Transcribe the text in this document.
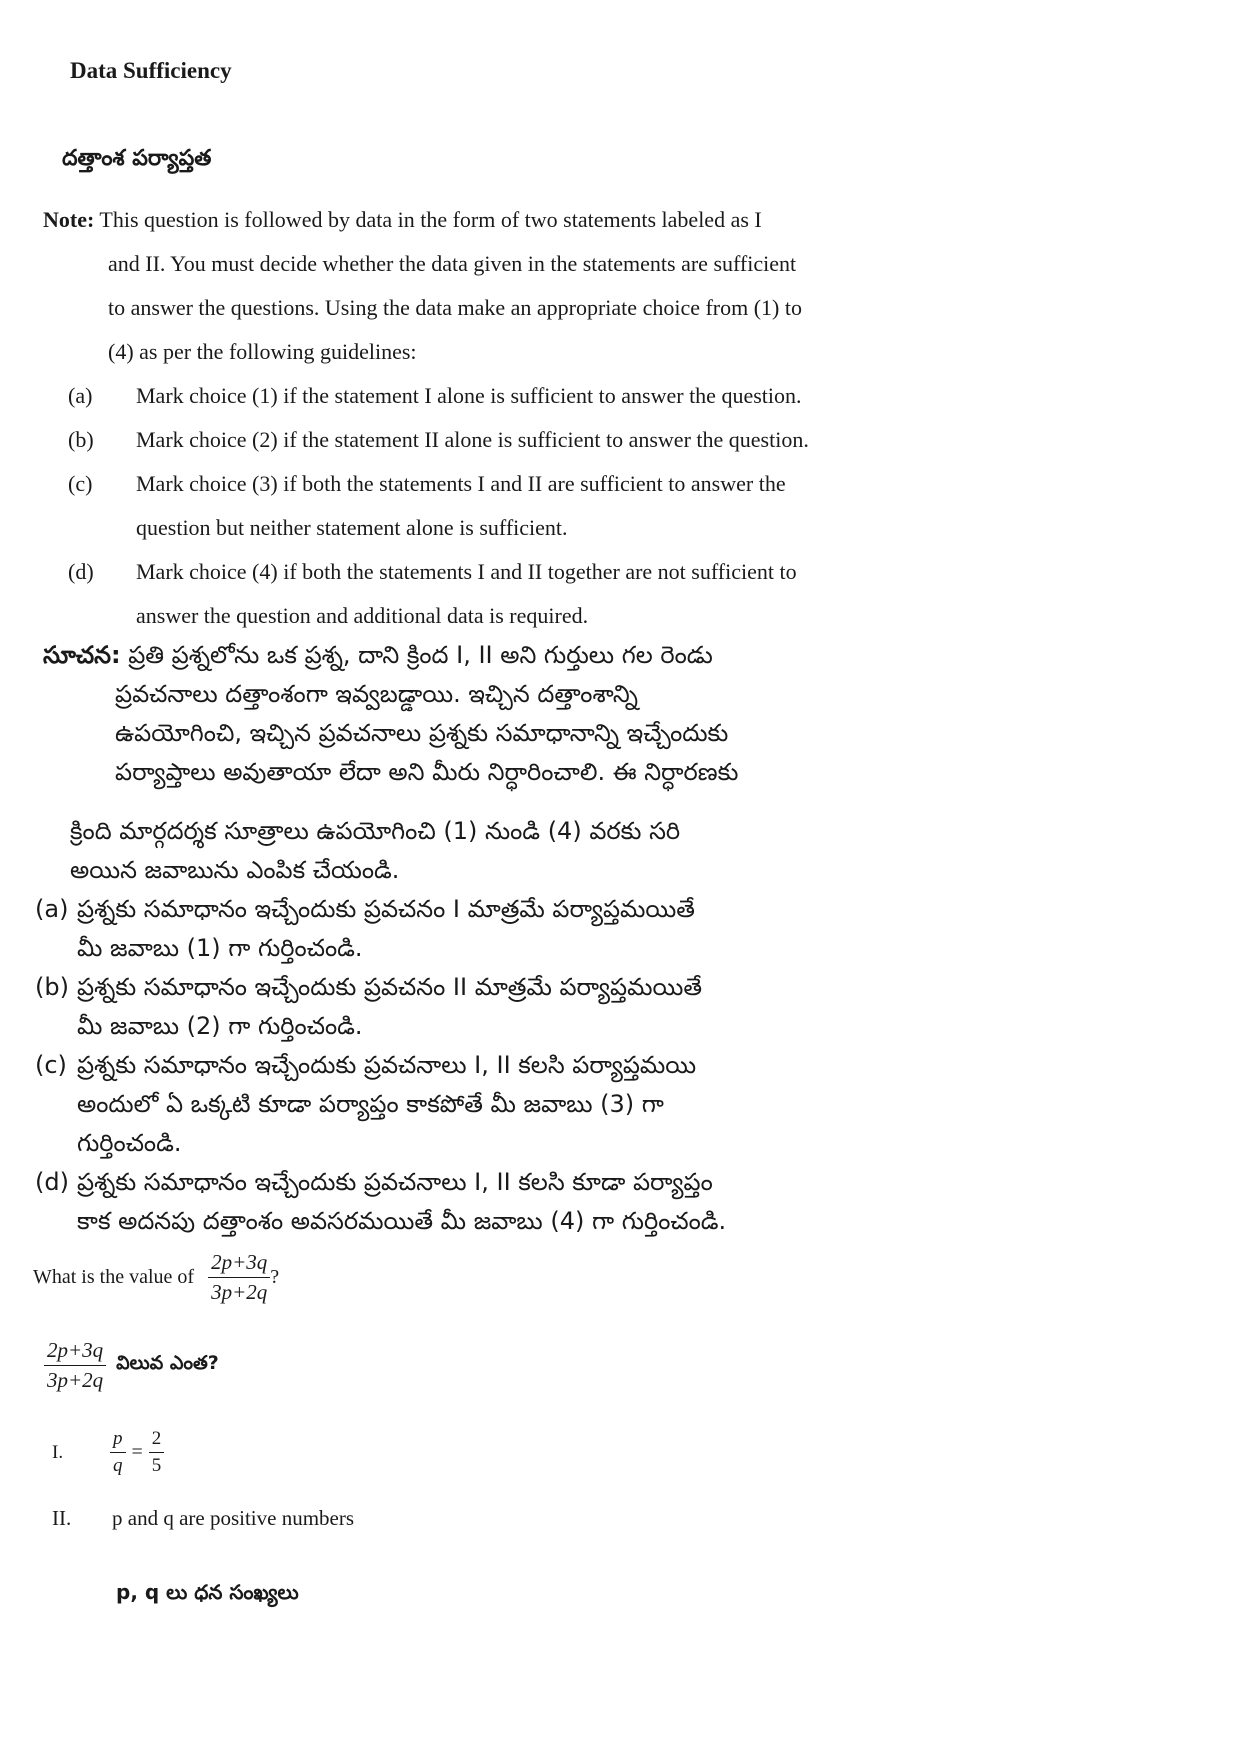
Data Sufficiency
దత్తాంశ పర్యాప్తత
Note: This question is followed by data in the form of two statements labeled as I
and II. You must decide whether the data given in the statements are sufficient
to answer the questions. Using the data make an appropriate choice from (1) to
(4) as per the following guidelines:
(a)	Mark choice (1) if the statement I alone is sufficient to answer the question.
(b)	Mark choice (2) if the statement II alone is sufficient to answer the question.
(c)	Mark choice (3) if both the statements I and II are sufficient to answer the
question but neither statement alone is sufficient.
(d)	Mark choice (4) if both the statements I and II together are not sufficient to
answer the question and additional data is required.
సూచన: ప్రతి ప్రశ్నలోను ఒక ప్రశ్న, దాని క్రింద I, II అని గుర్తులు గల రెండు
ప్రవచనాలు దత్తాంశంగా ఇవ్వబడ్డాయి. ఇచ్చిన దత్తాంశాన్ని
ఉపయోగించి, ఇచ్చిన ప్రవచనాలు ప్రశ్నకు సమాధానాన్ని ఇచ్చేందుకు
పర్యాప్తాలు అవుతాయా లేదా అని మీరు నిర్ధారించాలి. ఈ నిర్ధారణకు
క్రింది మార్గదర్శక సూత్రాలు ఉపయోగించి (1) నుండి (4) వరకు సరి
అయిన జవాబును ఎంపిక చేయండి.
(a) ప్రశ్నకు సమాధానం ఇచ్చేందుకు ప్రవచనం I మాత్రమే పర్యాప్తమయితే
మీ జవాబు (1) గా గుర్తించండి.
(b) ప్రశ్నకు సమాధానం ఇచ్చేందుకు ప్రవచనం II మాత్రమే పర్యాప్తమయితే
మీ జవాబు (2) గా గుర్తించండి.
(c) ప్రశ్నకు సమాధానం ఇచ్చేందుకు ప్రవచనాలు I, II కలసి పర్యాప్తమయి
అందులో ఏ ఒక్కటి కూడా పర్యాప్తం కాకపోతే మీ జవాబు (3) గా
గుర్తించండి.
(d) ప్రశ్నకు సమాధానం ఇచ్చేందుకు ప్రవచనాలు I, II కలసి కూడా పర్యాప్తం
కాక అదనపు దత్తాంశం అవసరమయితే మీ జవాబు (4) గా గుర్తించండి.
What is the value of $\frac{2p+3q}{3p+2q}$ ?
$\frac{2p+3q}{3p+2q}$ విలువ ఎంత?
I.	$\frac{p}{q} = \frac{2}{5}$
II.	p and q are positive numbers
p, q లు ధన సంఖ్యలు
